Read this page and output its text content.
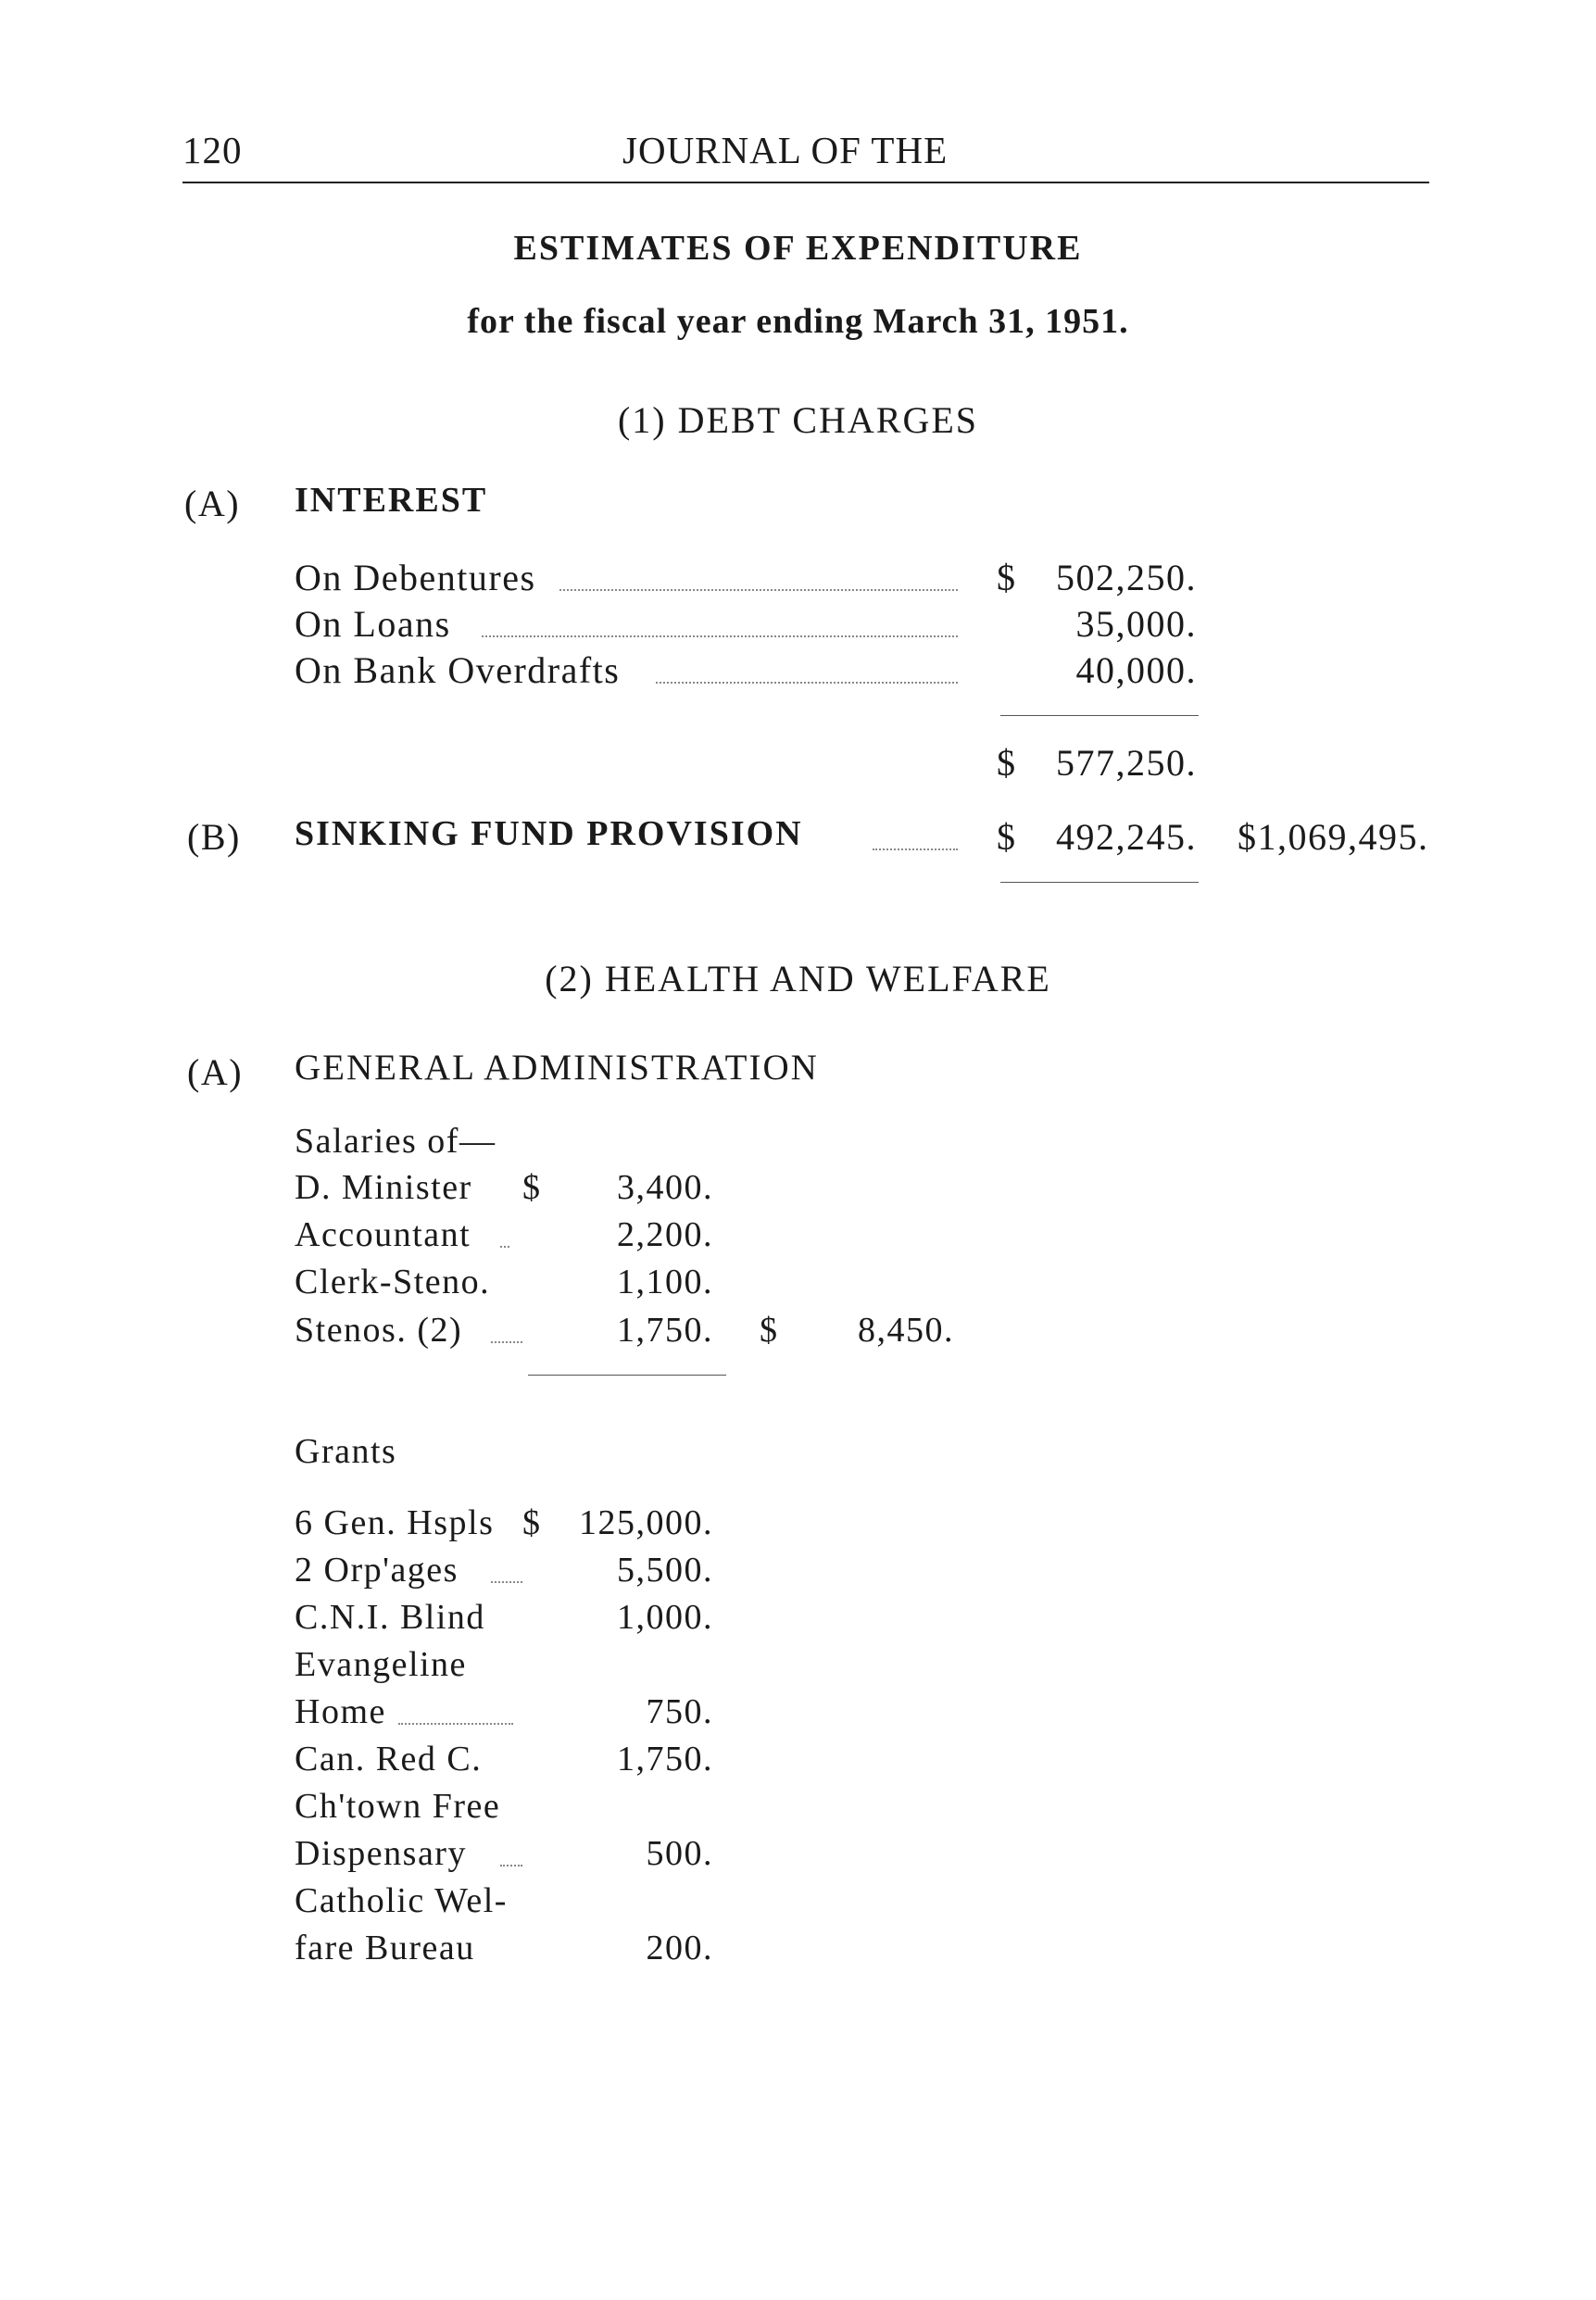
120	JOURNAL OF THE
ESTIMATES OF EXPENDITURE
for the fiscal year ending March 31, 1951.
(1) DEBT CHARGES
(A) INTEREST
On Debentures	$	502,250.
On Loans	35,000.
On Bank Overdrafts	40,000.
$	577,250.
(B) SINKING FUND PROVISION	$	492,245. $1,069,495.
(2) HEALTH AND WELFARE
(A) GENERAL ADMINISTRATION
Salaries of—
D. Minister $	3,400.
Accountant	2,200.
Clerk-Steno.	1,100.
Stenos. (2)	1,750. $	8,450.
Grants
6 Gen. Hspls $	125,000.
2 Orp'ages	5,500.
C.N.I. Blind	1,000.
Evangeline
Home	750.
Can. Red C.	1,750.
Ch'town Free
Dispensary	500.
Catholic Wel-
fare Bureau	200.
